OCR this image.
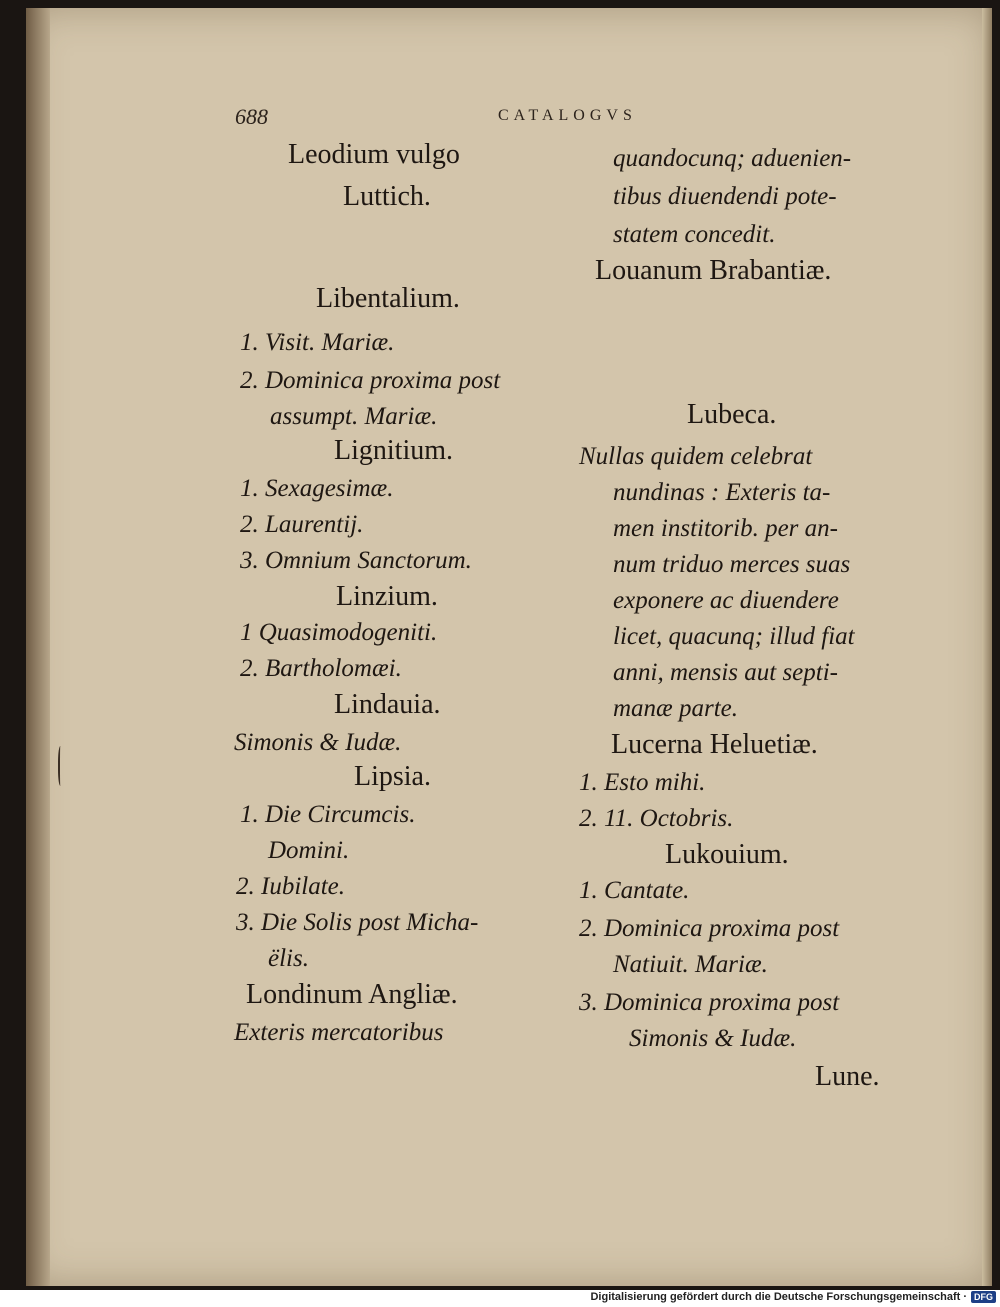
688	CATALOGVS
Leodium vulgo
Luttich.
Libentalium.
1. Visit. Mariæ.
2. Dominica proxima post
assumpt. Mariæ.
Lignitium.
1. Sexagesimæ.
2. Laurentij.
3. Omnium Sanctorum.
Linzium.
1 Quasimodogeniti.
2. Bartholomæi.
Lindauia.
Simonis & Iudæ.
Lipsia.
1. Die Circumcis.
Domini.
2. Iubilate.
3. Die Solis post Micha-
ëlis.
Londinum Angliæ.
Exteris mercatoribus
quandocunq; aduenien-
tibus diuendendi pote-
statem concedit.
Louanum Brabantiæ.
Lubeca.
Nullas quidem celebrat
nundinas : Exteris ta-
men institorib. per an-
num triduo merces suas
exponere ac diuendere
licet, quacunq; illud fiat
anni, mensis aut septi-
manæ parte.
Lucerna Heluetiæ.
1. Esto mihi.
2. 11. Octobris.
Lukouium.
1. Cantate.
2. Dominica proxima post
Natiuit. Mariæ.
3. Dominica proxima post
Simonis & Iudæ.
Lune.
Digitalisierung gefördert durch die Deutsche Forschungsgemeinschaft · DFG
